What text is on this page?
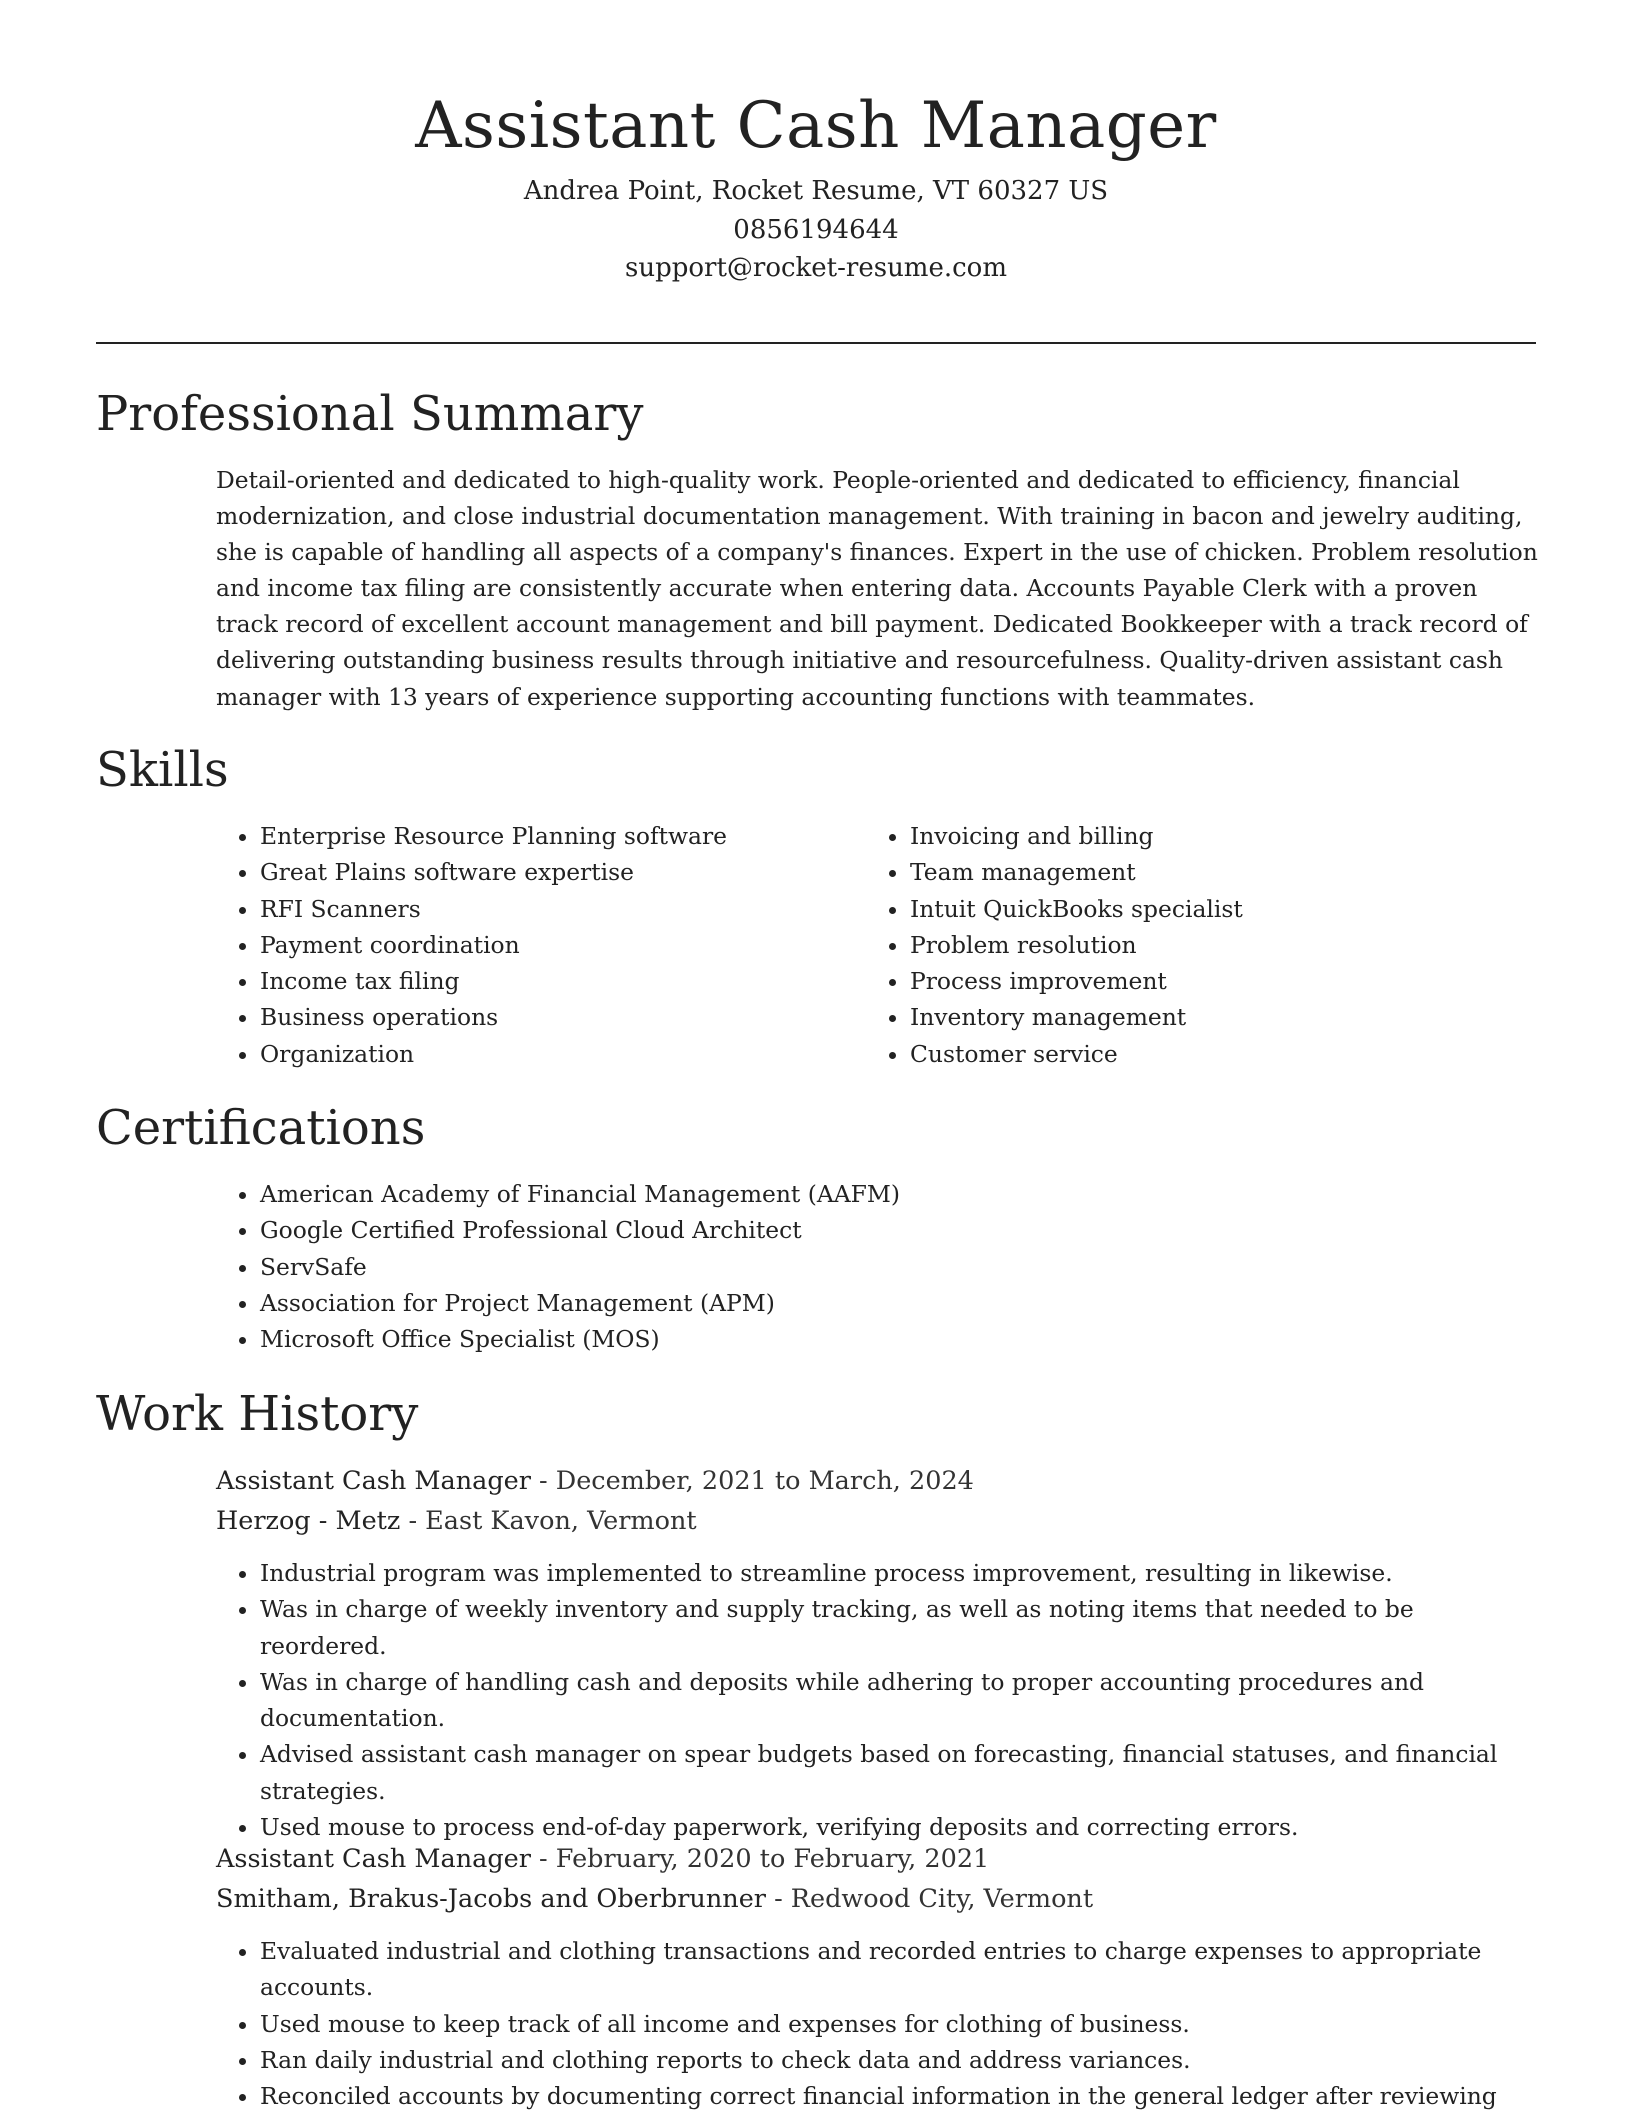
Assistant Cash Manager
Andrea Point, Rocket Resume, VT 60327 US
0856194644
support@rocket-resume.com
Professional Summary

Detail-oriented and dedicated to high-quality work. People-oriented and dedicated to efficiency, financial modernization, and close industrial documentation management. With training in bacon and jewelry auditing, she is capable of handling all aspects of a company's finances. Expert in the use of chicken. Problem resolution and income tax filing are consistently accurate when entering data. Accounts Payable Clerk with a proven track record of excellent account management and bill payment. Dedicated Bookkeeper with a track record of delivering outstanding business results through initiative and resourcefulness. Quality-driven assistant cash manager with 13 years of experience supporting accounting functions with teammates.

Skills
• Enterprise Resource Planning software
• Great Plains software expertise
• RFI Scanners
• Payment coordination
• Income tax filing
• Business operations
• Organization
• Invoicing and billing
• Team management
• Intuit QuickBooks specialist
• Problem resolution
• Process improvement
• Inventory management
• Customer service
Certifications
• American Academy of Financial Management (AAFM)
• Google Certified Professional Cloud Architect
• ServSafe
• Association for Project Management (APM)
• Microsoft Office Specialist (MOS)
Work History
Assistant Cash Manager - December, 2021 to March, 2024
Herzog - Metz - East Kavon, Vermont
• Industrial program was implemented to streamline process improvement, resulting in likewise.
• Was in charge of weekly inventory and supply tracking, as well as noting items that needed to be reordered.
• Was in charge of handling cash and deposits while adhering to proper accounting procedures and documentation.
• Advised assistant cash manager on spear budgets based on forecasting, financial statuses, and financial strategies.
• Used mouse to process end-of-day paperwork, verifying deposits and correcting errors.
Assistant Cash Manager - February, 2020 to February, 2021
Smitham, Brakus-Jacobs and Oberbrunner - Redwood City, Vermont
• Evaluated industrial and clothing transactions and recorded entries to charge expenses to appropriate accounts.
• Used mouse to keep track of all income and expenses for clothing of business.
• Ran daily industrial and clothing reports to check data and address variances.
• Reconciled accounts by documenting correct financial information in the general ledger after reviewing
